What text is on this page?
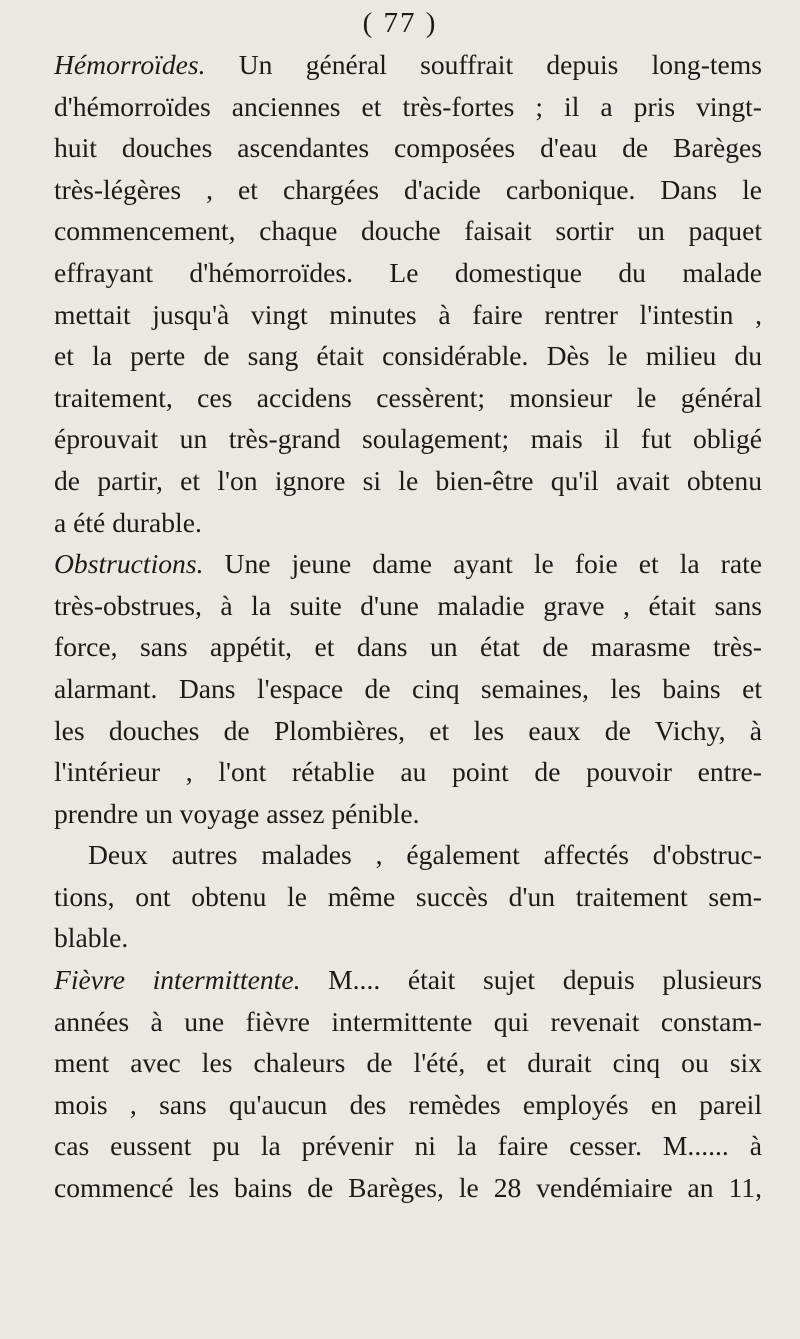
( 77 )
Hémorroïdes. Un général souffrait depuis long-tems
d'hémorroïdes anciennes et très-fortes ; il a pris vingt-
huit douches ascendantes composées d'eau de Barèges
très-légères , et chargées d'acide carbonique. Dans le
commencement, chaque douche faisait sortir un paquet
effrayant d'hémorroïdes. Le domestique du malade
mettait jusqu'à vingt minutes à faire rentrer l'intestin ,
et la perte de sang était considérable. Dès le milieu du
traitement, ces accidens cessèrent; monsieur le général
éprouvait un très-grand soulagement; mais il fut obligé
de partir, et l'on ignore si le bien-être qu'il avait obtenu
a été durable.
Obstructions. Une jeune dame ayant le foie et la rate
très-obstrues, à la suite d'une maladie grave , était sans
force, sans appétit, et dans un état de marasme très-
alarmant. Dans l'espace de cinq semaines, les bains et
les douches de Plombières, et les eaux de Vichy, à
l'intérieur , l'ont rétablie au point de pouvoir entre-
prendre un voyage assez pénible.
Deux autres malades , également affectés d'obstruc-
tions, ont obtenu le même succès d'un traitement sem-
blable.
Fièvre intermittente. M.... était sujet depuis plusieurs
années à une fièvre intermittente qui revenait constam-
ment avec les chaleurs de l'été, et durait cinq ou six
mois , sans qu'aucun des remèdes employés en pareil
cas eussent pu la prévenir ni la faire cesser. M...... à
commencé les bains de Barèges, le 28 vendémiaire an 11,
